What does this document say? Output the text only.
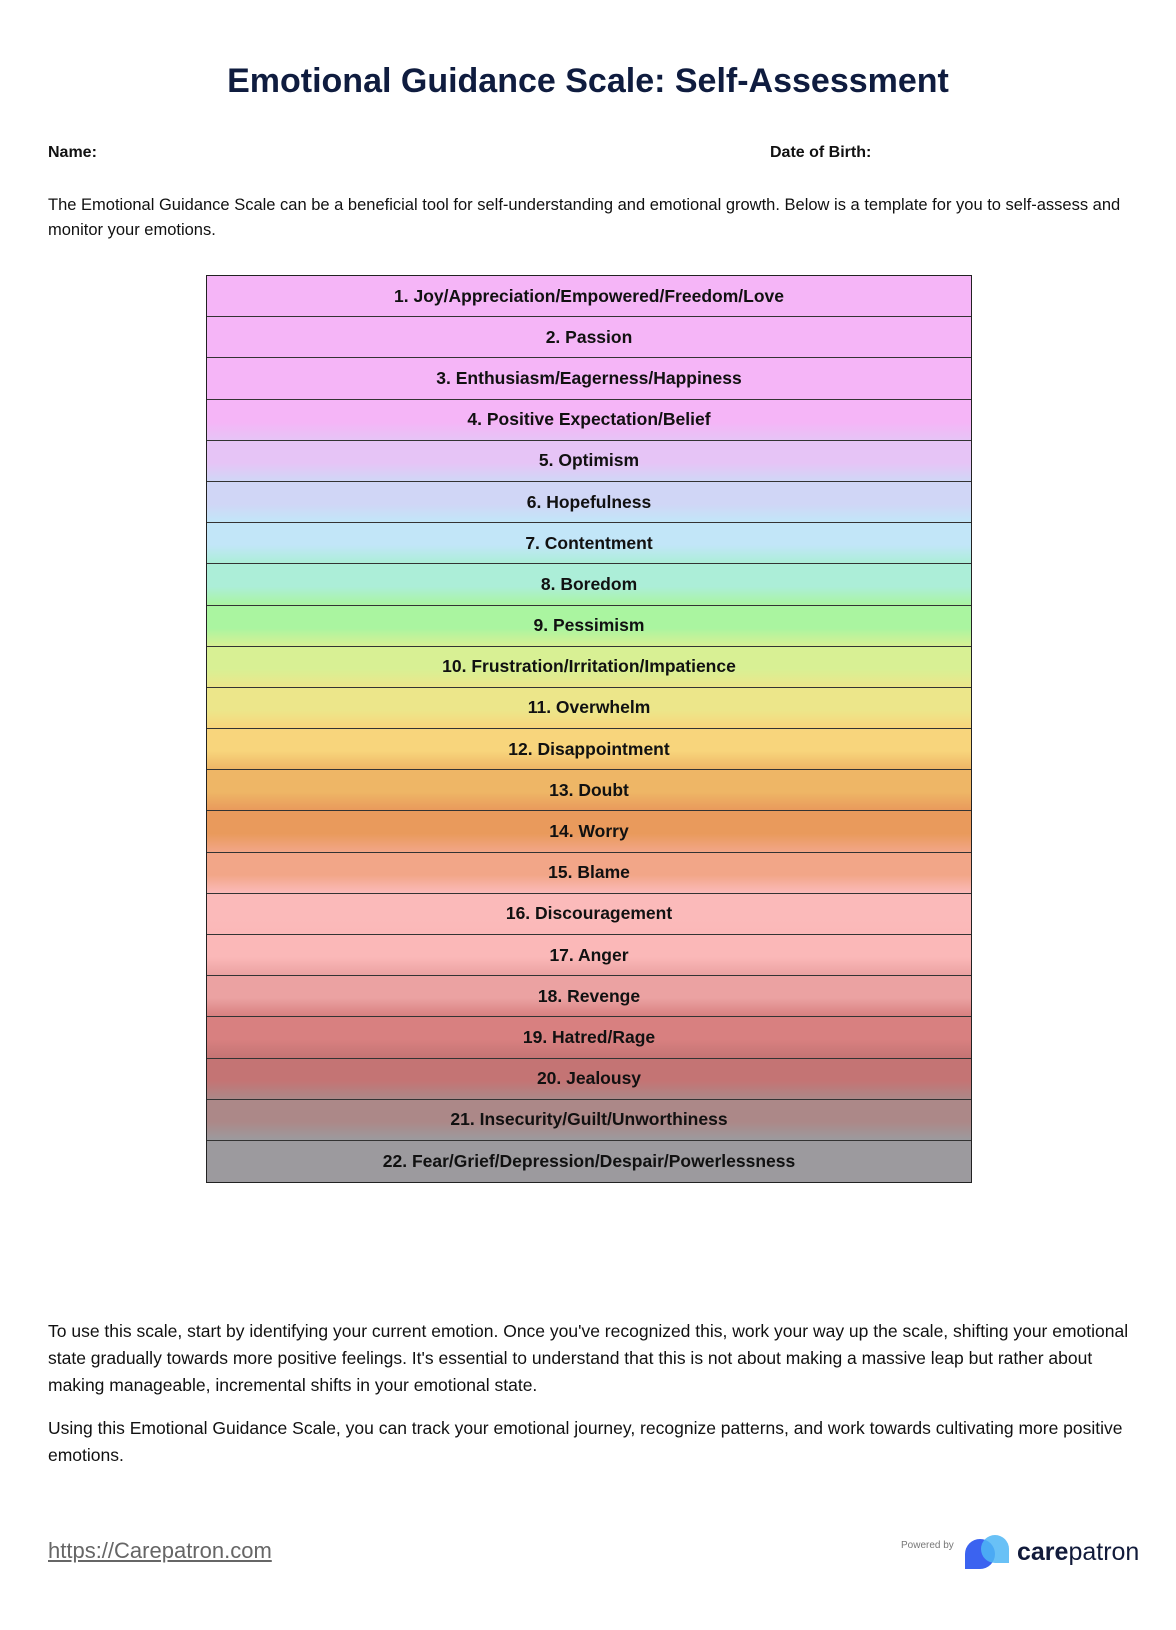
Emotional Guidance Scale: Self-Assessment
Name:	Date of Birth:

The Emotional Guidance Scale can be a beneficial tool for self-understanding and emotional growth. Below is a template for you to self-assess and monitor your emotions.

1. Joy/Appreciation/Empowered/Freedom/Love
2. Passion
3. Enthusiasm/Eagerness/Happiness
4. Positive Expectation/Belief
5. Optimism
6. Hopefulness
7. Contentment
8. Boredom
9. Pessimism
10. Frustration/Irritation/Impatience
11. Overwhelm
12. Disappointment
13. Doubt
14. Worry
15. Blame
16. Discouragement
17. Anger
18. Revenge
19. Hatred/Rage
20. Jealousy
21. Insecurity/Guilt/Unworthiness
22. Fear/Grief/Depression/Despair/Powerlessness

To use this scale, start by identifying your current emotion. Once you've recognized this, work your way up the scale, shifting your emotional state gradually towards more positive feelings. It's essential to understand that this is not about making a massive leap but rather about making manageable, incremental shifts in your emotional state.

Using this Emotional Guidance Scale, you can track your emotional journey, recognize patterns, and work towards cultivating more positive emotions.

https://Carepatron.com	Powered by	carepatron
